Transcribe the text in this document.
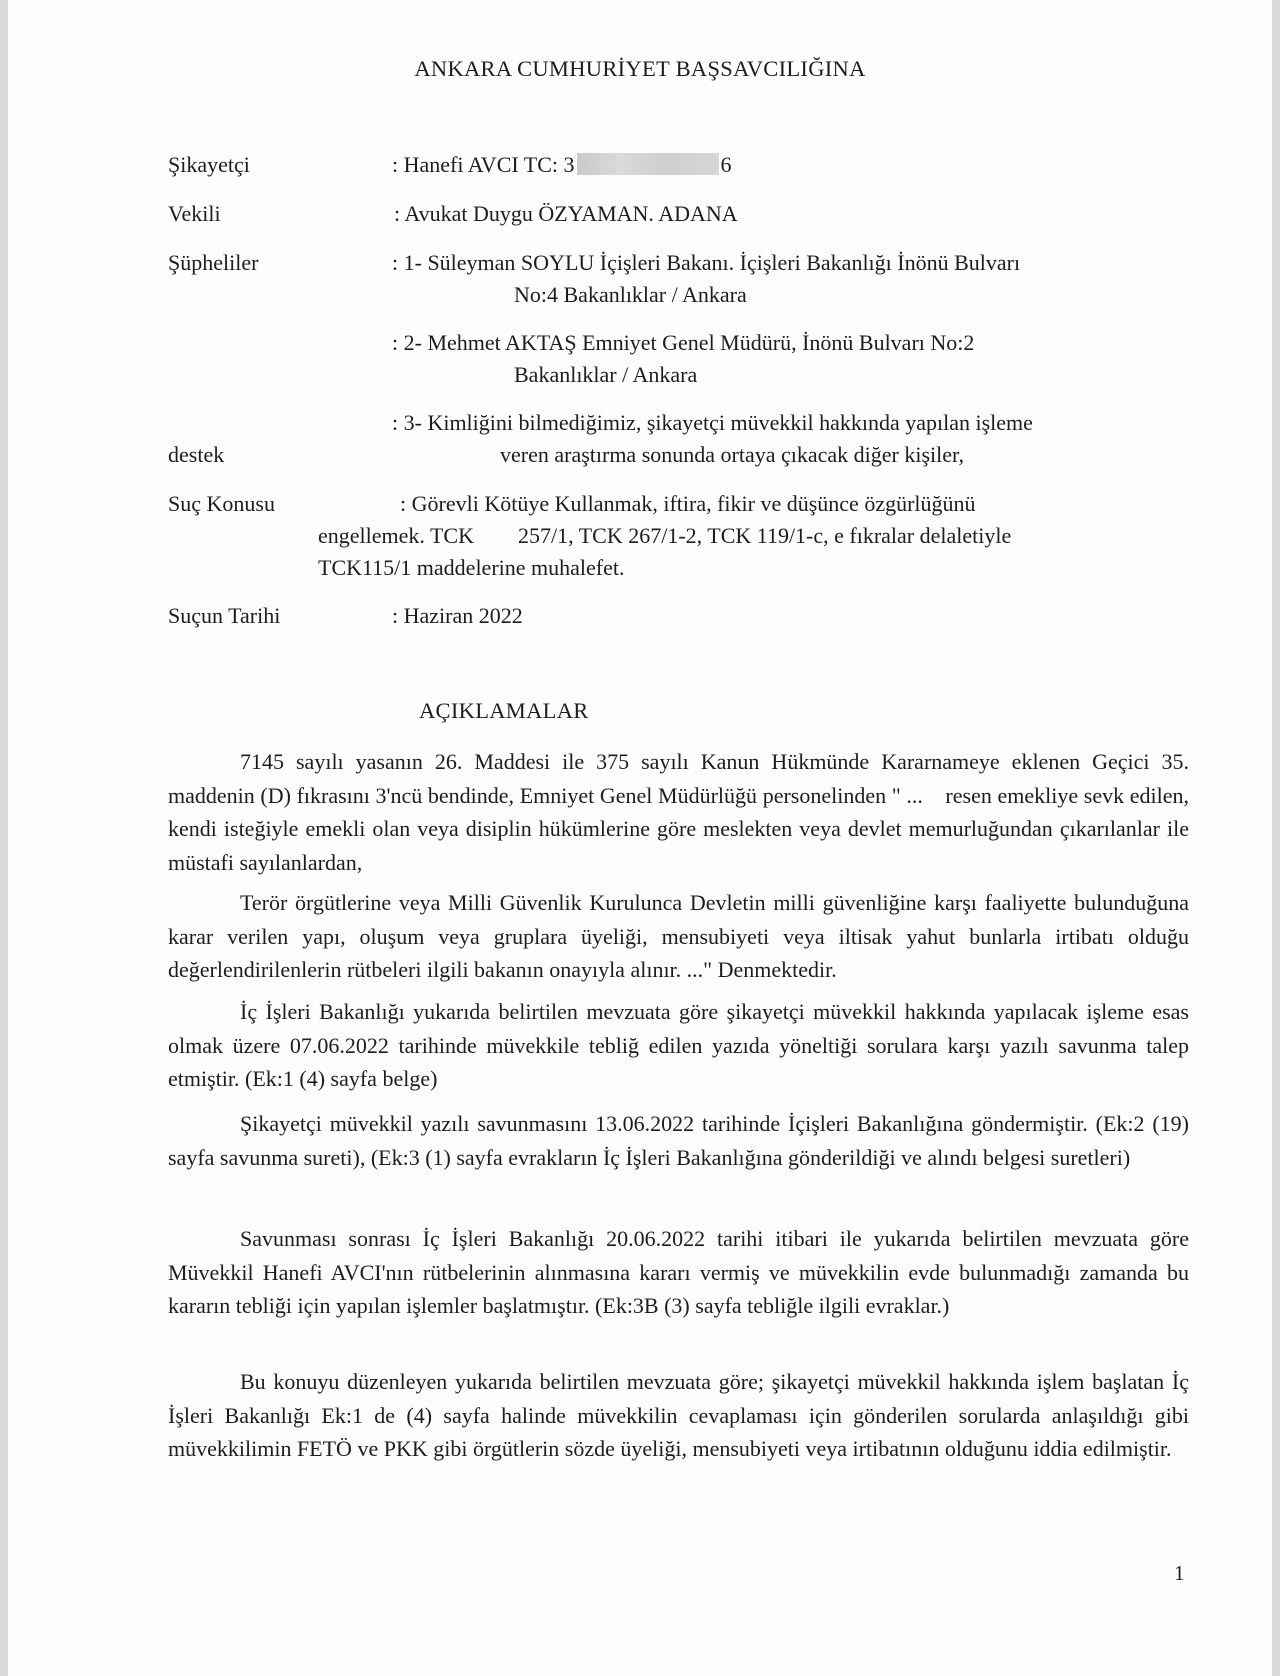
ANKARA CUMHURİYET BAŞSAVCILIĞINA
Şikayetçi	: Hanefi AVCI TC: 3	6
Vekili	: Avukat Duygu ÖZYAMAN. ADANA
Şüpheliler	: 1- Süleyman SOYLU İçişleri Bakanı. İçişleri Bakanlığı İnönü Bulvarı
No:4 Bakanlıklar / Ankara
: 2- Mehmet AKTAŞ Emniyet Genel Müdürü, İnönü Bulvarı No:2
Bakanlıklar / Ankara
: 3- Kimliğini bilmediğimiz, şikayetçi müvekkil hakkında yapılan işleme
destek	veren araştırma sonunda ortaya çıkacak diğer kişiler,
Suç Konusu	: Görevli Kötüye Kullanmak, iftira, fikir ve düşünce özgürlüğünü
engellemek. TCK        257/1, TCK 267/1-2, TCK 119/1-c, e fıkralar delaletiyle
TCK115/1 maddelerine muhalefet.
Suçun Tarihi	: Haziran 2022
AÇIKLAMALAR

7145 sayılı yasanın 26. Maddesi ile 375 sayılı Kanun Hükmünde Kararnameye eklenen Geçici 35. maddenin (D) fıkrasını 3'ncü bendinde, Emniyet Genel Müdürlüğü personelinden " ...    resen emekliye sevk edilen, kendi isteğiyle emekli olan veya disiplin hükümlerine göre meslekten veya devlet memurluğundan çıkarılanlar ile müstafi sayılanlardan,

Terör örgütlerine veya Milli Güvenlik Kurulunca Devletin milli güvenliğine karşı faaliyette bulunduğuna karar verilen yapı, oluşum veya gruplara üyeliği, mensubiyeti veya iltisak yahut bunlarla irtibatı olduğu değerlendirilenlerin rütbeleri ilgili bakanın onayıyla alınır. ..." Denmektedir.

İç İşleri Bakanlığı yukarıda belirtilen mevzuata göre şikayetçi müvekkil hakkında yapılacak işleme esas olmak üzere 07.06.2022 tarihinde müvekkile tebliğ edilen yazıda yöneltiği sorulara karşı yazılı savunma talep etmiştir. (Ek:1 (4) sayfa belge)

Şikayetçi müvekkil yazılı savunmasını 13.06.2022 tarihinde İçişleri Bakanlığına göndermiştir. (Ek:2 (19) sayfa savunma sureti), (Ek:3 (1) sayfa evrakların İç İşleri Bakanlığına gönderildiği ve alındı belgesi suretleri)

Savunması sonrası İç İşleri Bakanlığı 20.06.2022 tarihi itibari ile yukarıda belirtilen mevzuata göre Müvekkil Hanefi AVCI'nın rütbelerinin alınmasına kararı vermiş ve müvekkilin evde bulunmadığı zamanda bu kararın tebliği için yapılan işlemler başlatmıştır. (Ek:3B (3) sayfa tebliğle ilgili evraklar.)

Bu konuyu düzenleyen yukarıda belirtilen mevzuata göre; şikayetçi müvekkil hakkında işlem başlatan İç İşleri Bakanlığı Ek:1 de (4) sayfa halinde müvekkilin cevaplaması için gönderilen sorularda anlaşıldığı gibi müvekkilimin FETÖ ve PKK gibi örgütlerin sözde üyeliği, mensubiyeti veya irtibatının olduğunu iddia edilmiştir.

1
